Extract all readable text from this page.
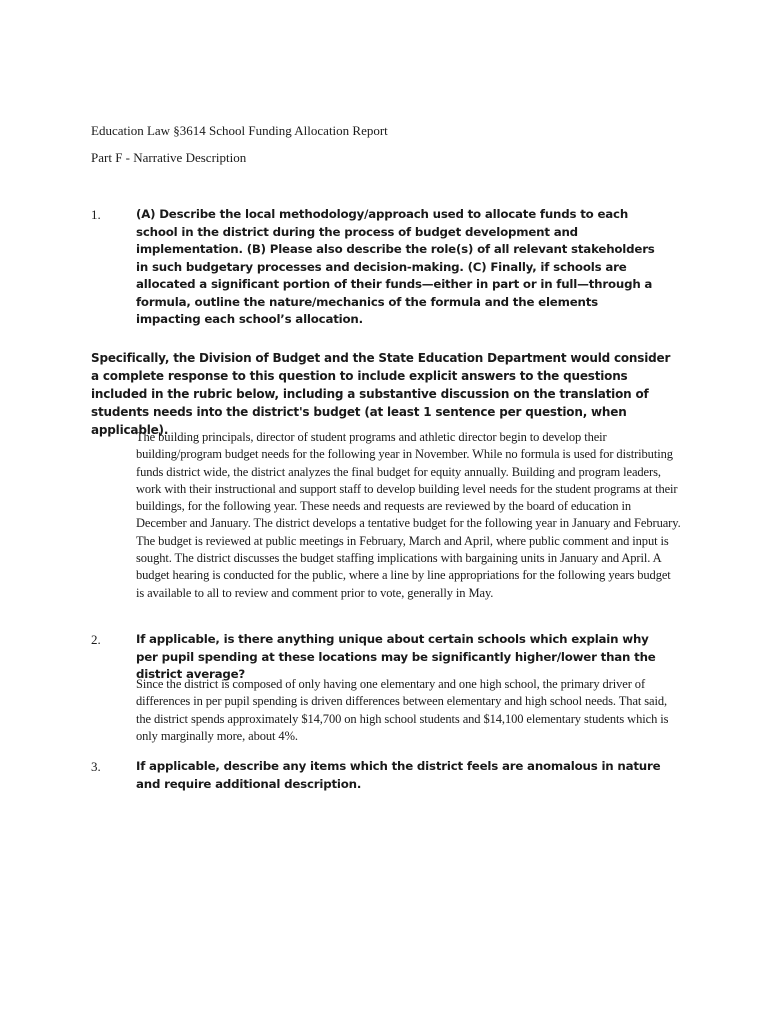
Education Law §3614 School Funding Allocation Report

Part F - Narrative Description

1.	(A) Describe the local methodology/approach used to allocate funds to each school in the district during the process of budget development and implementation. (B) Please also describe the role(s) of all relevant stakeholders in such budgetary processes and decision-making. (C) Finally, if schools are allocated a significant portion of their funds—either in part or in full—through a formula, outline the nature/mechanics of the formula and the elements impacting each school’s allocation.

Specifically, the Division of Budget and the State Education Department would consider a complete response to this question to include explicit answers to the questions included in the rubric below, including a substantive discussion on the translation of students needs into the district's budget (at least 1 sentence per question, when applicable).

The building principals, director of student programs and athletic director begin to develop their building/program budget needs for the following year in November. While no formula is used for distributing funds district wide, the district analyzes the final budget for equity annually. Building and program leaders, work with their instructional and support staff to develop building level needs for the student programs at their buildings, for the following year. These needs and requests are reviewed by the board of education in December and January. The district develops a tentative budget for the following year in January and February. The budget is reviewed at public meetings in February, March and April, where public comment and input is sought. The district discusses the budget staffing implications with bargaining units in January and April. A budget hearing is conducted for the public, where a line by line appropriations for the following years budget is available to all to review and comment prior to vote, generally in May.

2.	If applicable, is there anything unique about certain schools which explain why per pupil spending at these locations may be significantly higher/lower than the district average?

Since the district is composed of only having one elementary and one high school, the primary driver of differences in per pupil spending is driven differences between elementary and high school needs. That said, the district spends approximately $14,700 on high school students and $14,100 elementary students which is only marginally more, about 4%.

3.	If applicable, describe any items which the district feels are anomalous in nature and require additional description.
